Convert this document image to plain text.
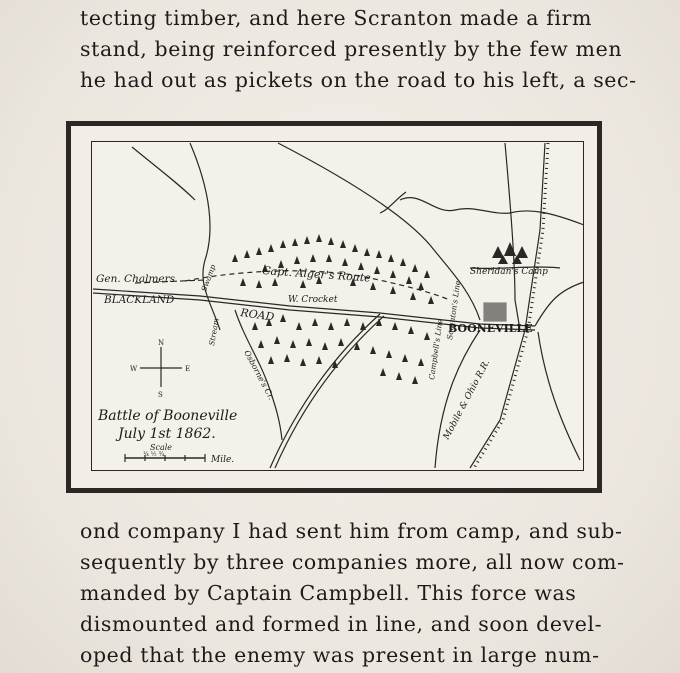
tecting timber, and here Scranton made a firm
stand, being reinforced presently by the few men
he had out as pickets on the road to his left, a sec-
Gen. Chalmers
BLACKLAND
ROAD
Capt. Alger's Route
W. Crocket
BOONEVILLE
Sheridan's Camp
Mobile & Ohio R.R.
Swamp
Stream
Osborne's Cr.	Campbell's Line
Scranton's Line
N
S
E
W
Battle of Booneville
July 1st 1862.
Scale
¼ ½ ¾
Mile.
ond company I had sent him from camp, and sub-
sequently by three companies more, all now com-
manded by Captain Campbell. This force was
dismounted and formed in line, and soon devel-
oped that the enemy was present in large num-
